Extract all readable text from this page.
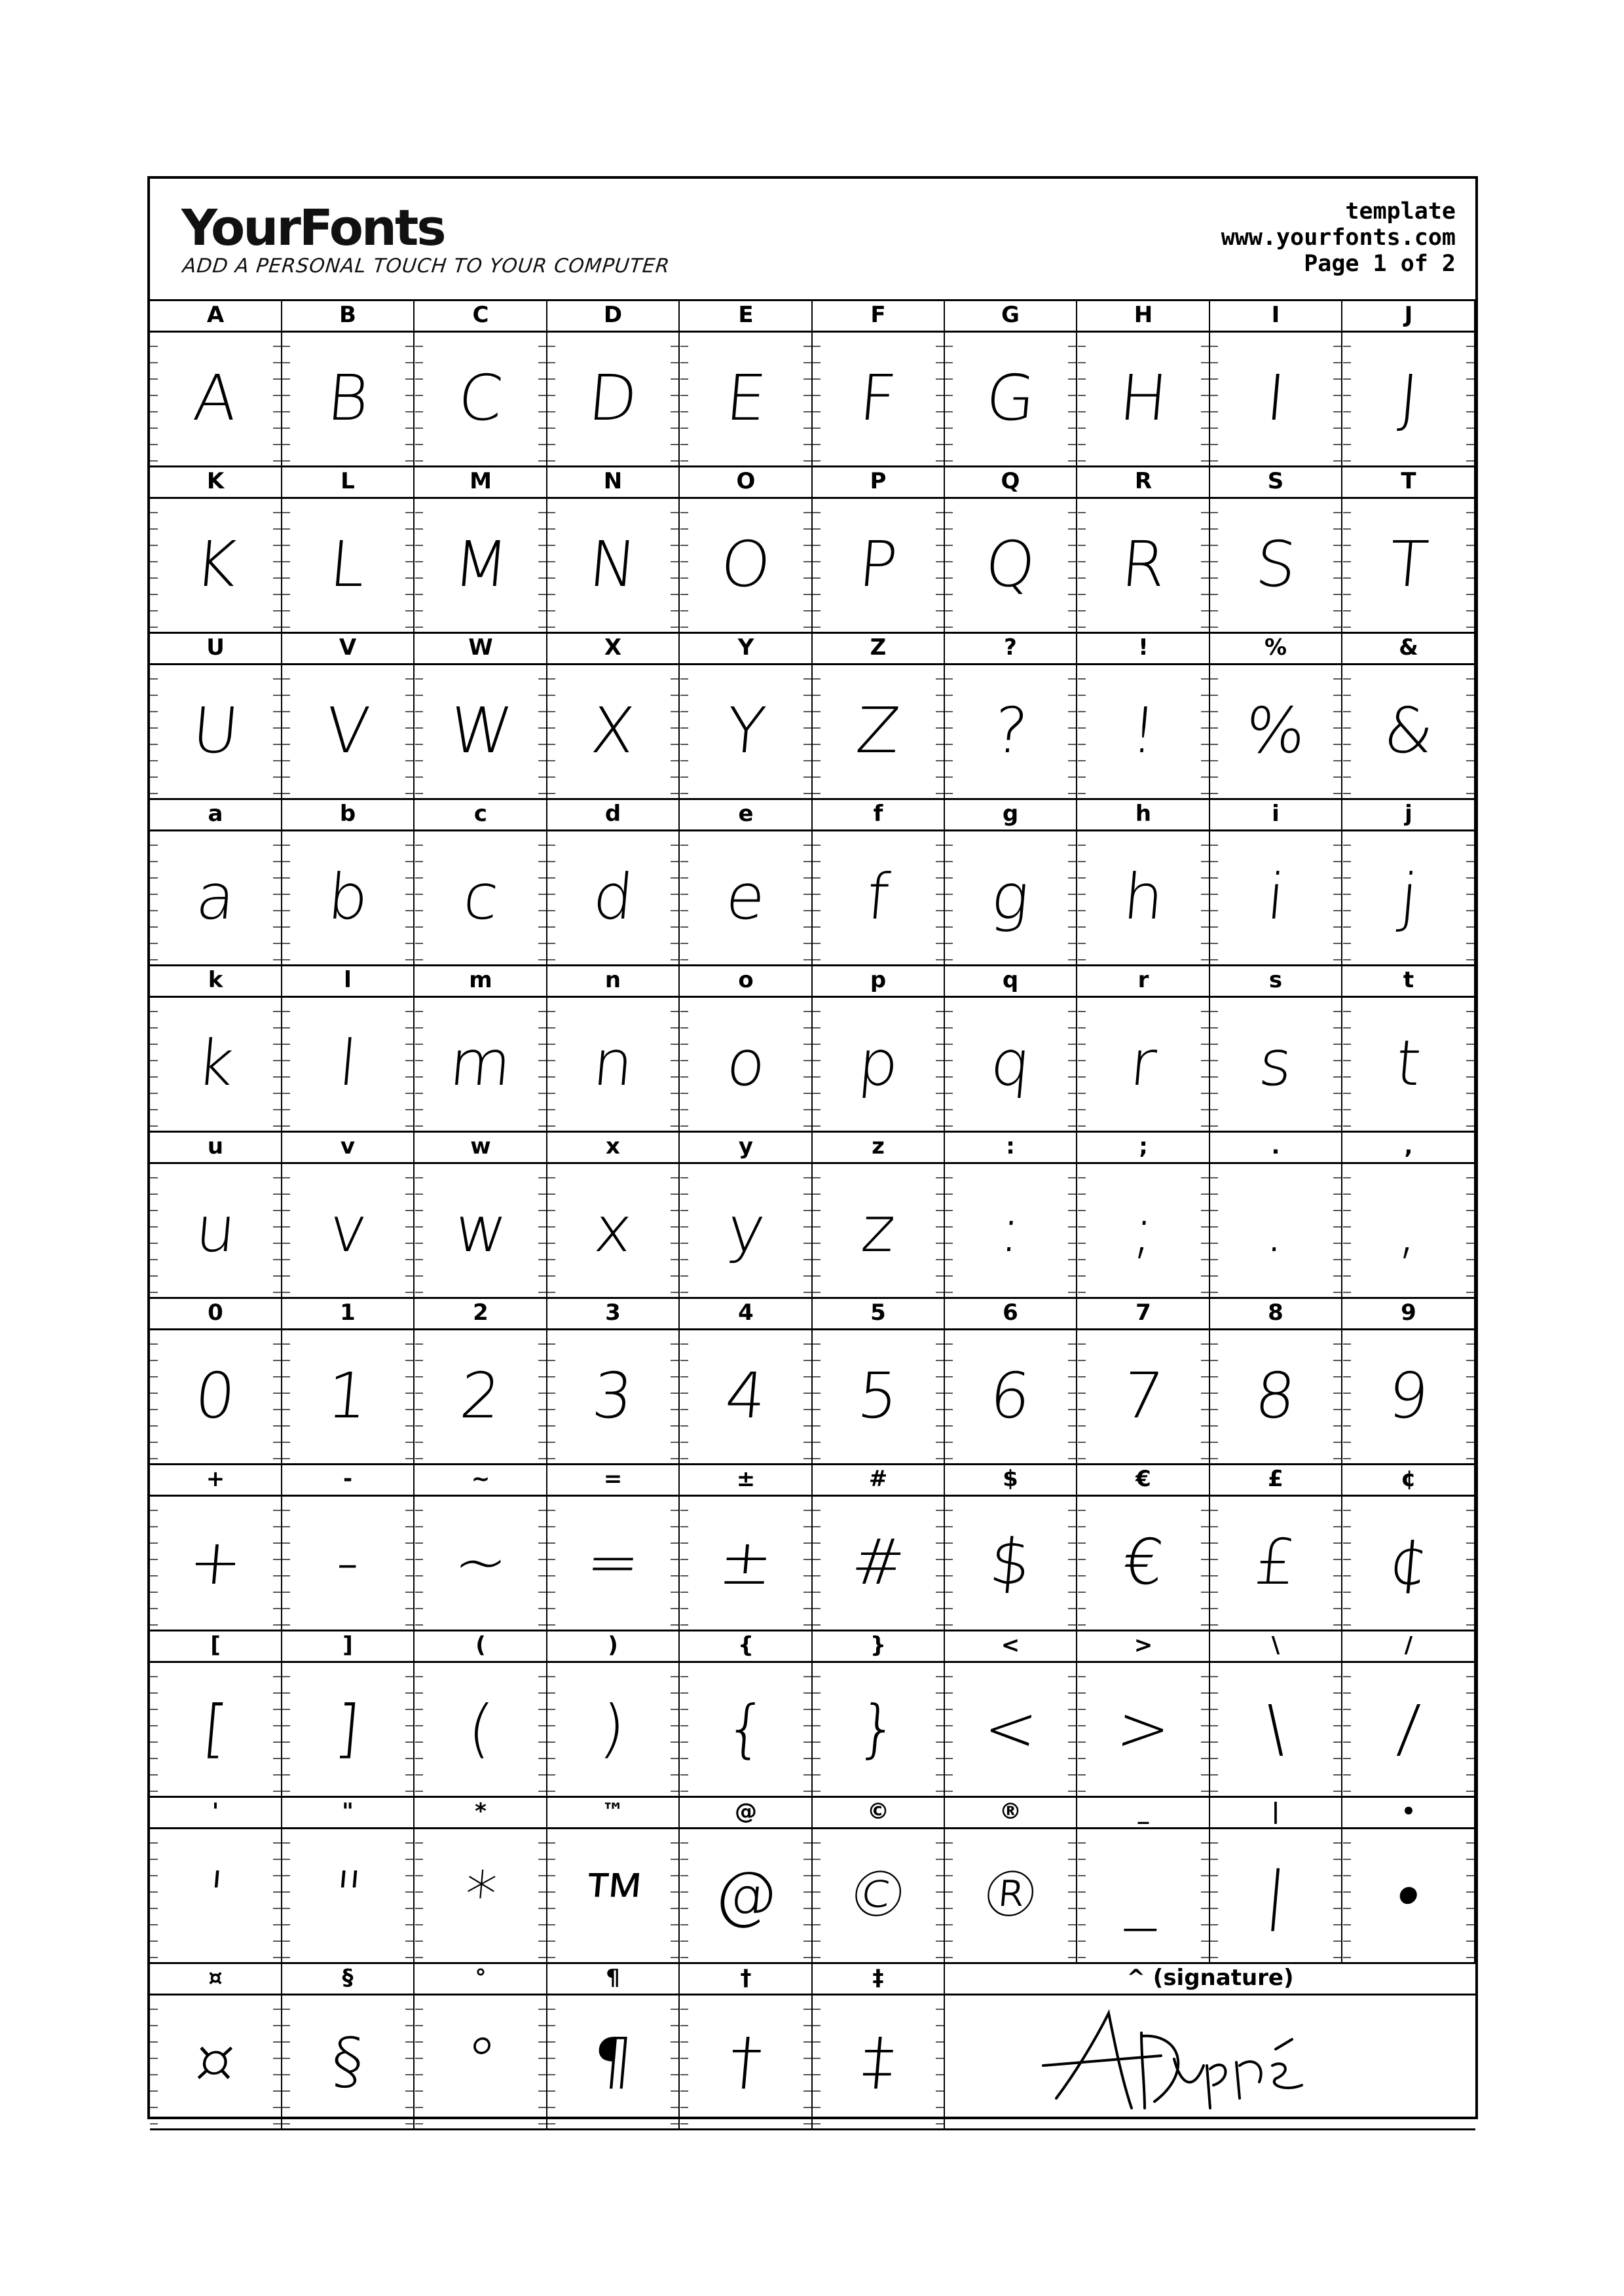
YourFonts
ADD A PERSONAL TOUCH TO YOUR COMPUTER
template
www.yourfonts.com
Page 1 of 2
A	B	C	D	E	F	G	H	I	J
A B C D E F G H I J
K	L	M	N	O	P	Q	R	S	T
K L M N O P Q R S T
U	V	W	X	Y	Z	?	!	%	&
U V W X Y Z ? ! % &
a	b	c	d	e	f	g	h	i	j
a b c d e f g h i j
k	l	m	n	o	p	q	r	s	t
k l m n o p q r s t
u	v	w	x	y	z	:	;	.	,
u v w x y z : ; . ,
0	1	2	3	4	5	6	7	8	9
0 1 2 3 4 5 6 7 8 9
+	-	~	=	±	#	$	€	£	¢
+ - ~ = ± # $ € £ ¢
[	]	(	)	{	}	<	>	\	/
[ ] ( ) { } < > \ /
'	"	*	™	@	©	®	_	|	•
' " * ™ @ © ® _ | •
¤	§	°	¶	†	‡	^ (signature)
¤ § ° ¶ † ‡
ADupré
